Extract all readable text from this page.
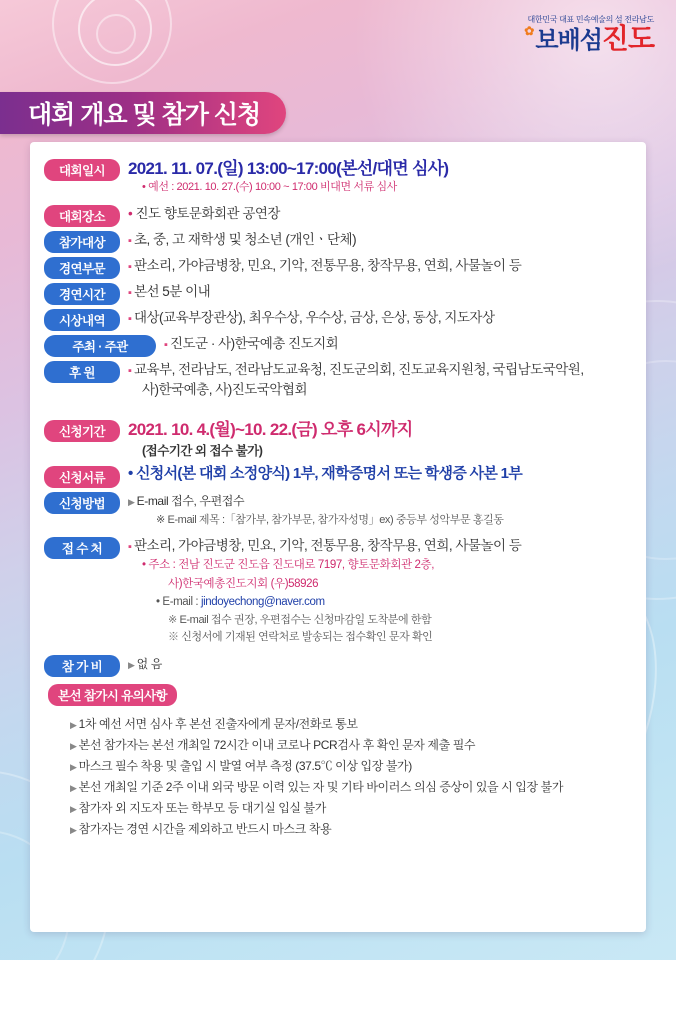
대한민국 대표 민속예술의 섬 전라남도
✿보배섬진도
대회 개요 및 참가 신청
대회일시	2021. 11. 07.(일) 13:00~17:00(본선/대면 심사)
• 예선 : 2021. 10. 27.(수) 10:00 ~ 17:00 비대면 서류 심사
대회장소	• 진도 향토문화회관 공연장
참가대상	▪ 초, 중, 고 재학생 및 청소년 (개인ㆍ단체)
경연부문	▪ 판소리, 가야금병창, 민요, 기악, 전통무용, 창작무용, 연희, 사물놀이 등
경연시간	▪ 본선 5분 이내
시상내역	▪ 대상(교육부장관상), 최우수상, 우수상, 금상, 은상, 동상, 지도자상
주최 · 주관	▪ 진도군 · 사)한국예총 진도지회
후 원	▪ 교육부, 전라남도, 전라남도교육청, 진도군의회, 진도교육지원청, 국립남도국악원,
사)한국예총, 사)진도국악협회
신청기간	2021. 10. 4.(월)~10. 22.(금) 오후 6시까지
(접수기간 외 접수 불가)
신청서류	• 신청서(본 대회 소정양식) 1부, 재학증명서 또는 학생증 사본 1부
신청방법	▶ E-mail 접수, 우편접수
※ E-mail 제목 :「참가부, 참가부문, 참가자성명」ex) 중등부 성악부문 홍길동
접 수 처	▪ 판소리, 가야금병창, 민요, 기악, 전통무용, 창작무용, 연희, 사물놀이 등
• 주소 : 전남 진도군 진도읍 진도대로 7197, 향토문화회관 2층,
사)한국예총진도지회 (우)58926
• E-mail : jindoyechong@naver.com
※ E-mail 접수 권장, 우편접수는 신청마감일 도착분에 한함
※ 신청서에 기재된 연락처로 발송되는 접수확인 문자 확인
참 가 비	▶ 없 음
본선 참가시 유의사항
▶ 1차 예선 서면 심사 후 본선 진출자에게 문자/전화로 통보
▶ 본선 참가자는 본선 개최일 72시간 이내 코로나 PCR검사 후 확인 문자 제출 필수
▶ 마스크 필수 착용 및 출입 시 발열 여부 측정 (37.5℃ 이상 입장 불가)
▶ 본선 개최일 기준 2주 이내 외국 방문 이력 있는 자 및 기타 바이러스 의심 증상이 있을 시 입장 불가
▶ 참가자 외 지도자 또는 학부모 등 대기실 입실 불가
▶ 참가자는 경연 시간을 제외하고 반드시 마스크 착용
